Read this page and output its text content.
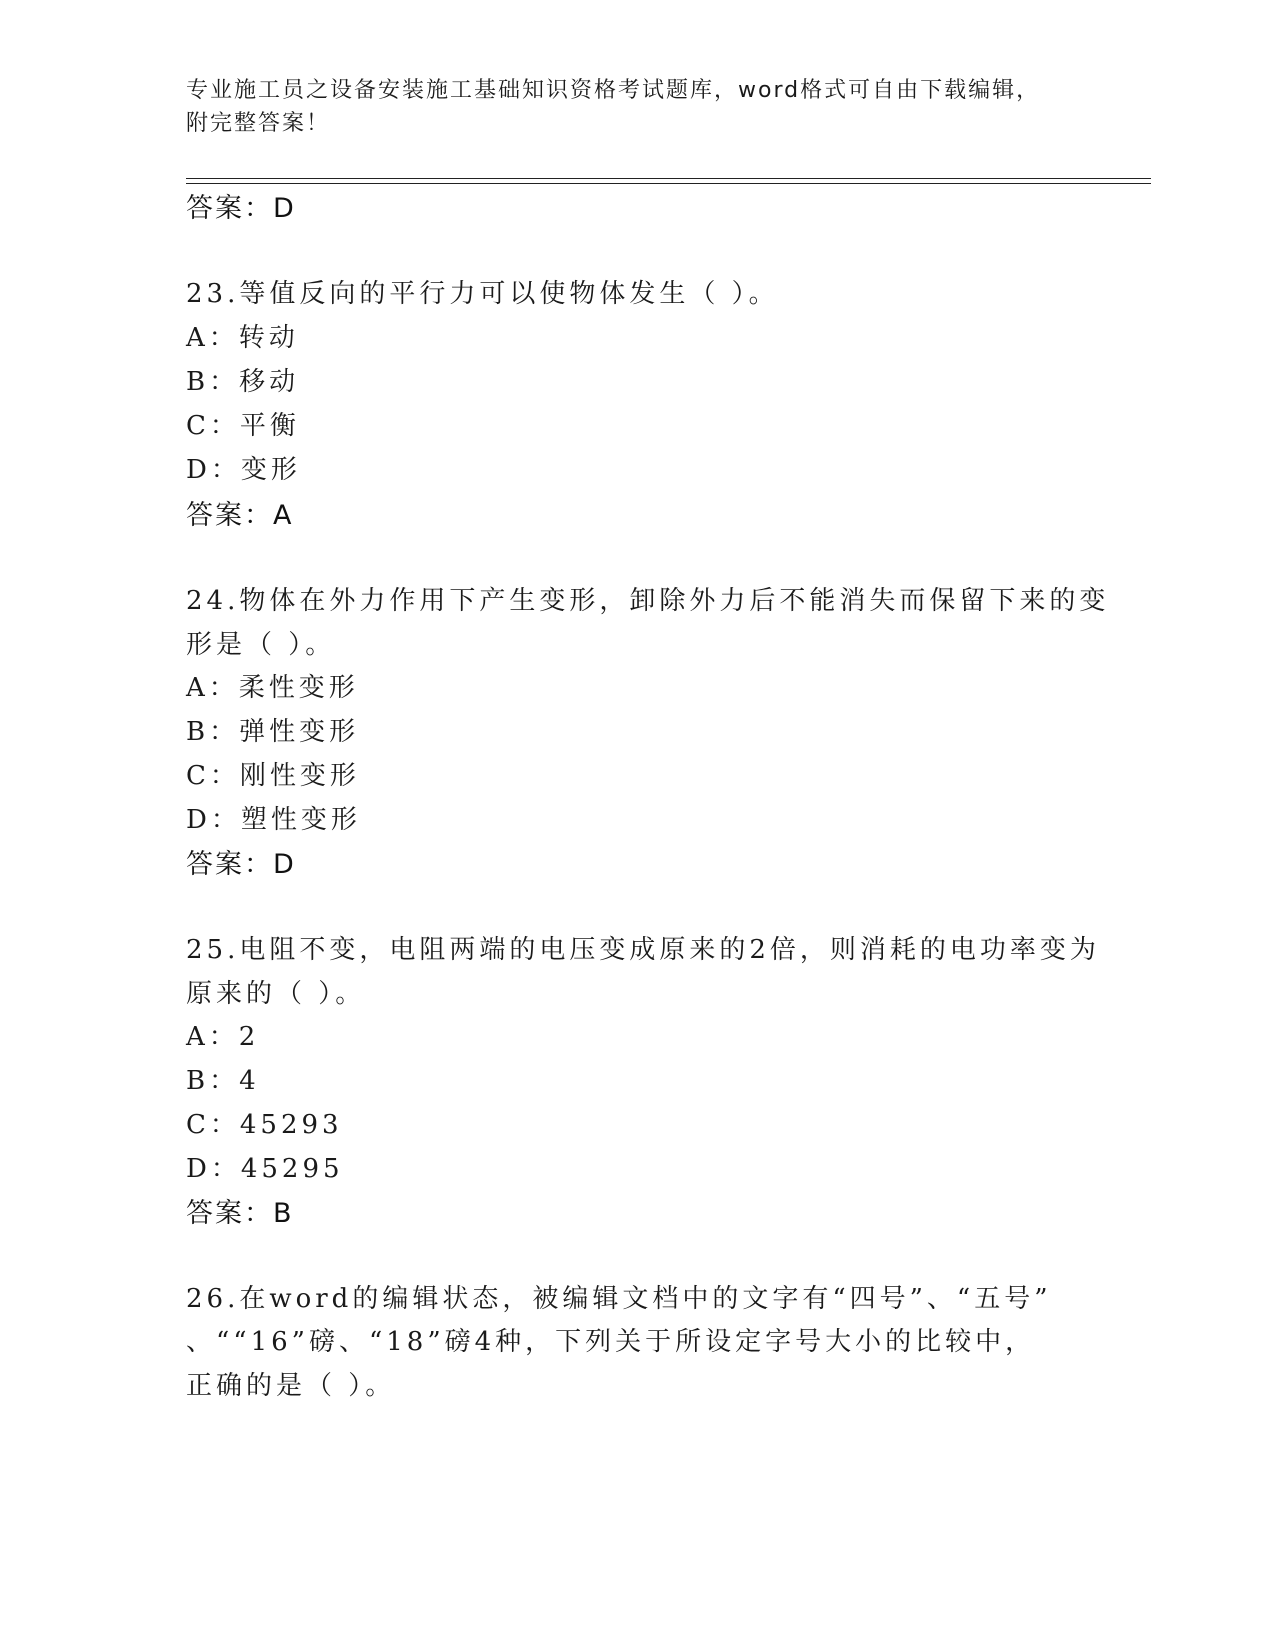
专业施工员之设备安装施工基础知识资格考试题库，word格式可自由下载编辑，
附完整答案！
答案：D
23.等值反向的平行力可以使物体发生（ ）。
A：转动
B：移动
C：平衡
D：变形
答案：A
24.物体在外力作用下产生变形，卸除外力后不能消失而保留下来的变
形是（ ）。
A：柔性变形
B：弹性变形
C：刚性变形
D：塑性变形
答案：D
25.电阻不变，电阻两端的电压变成原来的2倍，则消耗的电功率变为
原来的（ ）。
A：2
B：4
C：45293
D：45295
答案：B
26.在word的编辑状态，被编辑文档中的文字有“四号”、“五号”
、““16”磅、“18”磅4种，下列关于所设定字号大小的比较中，
正确的是（ ）。
